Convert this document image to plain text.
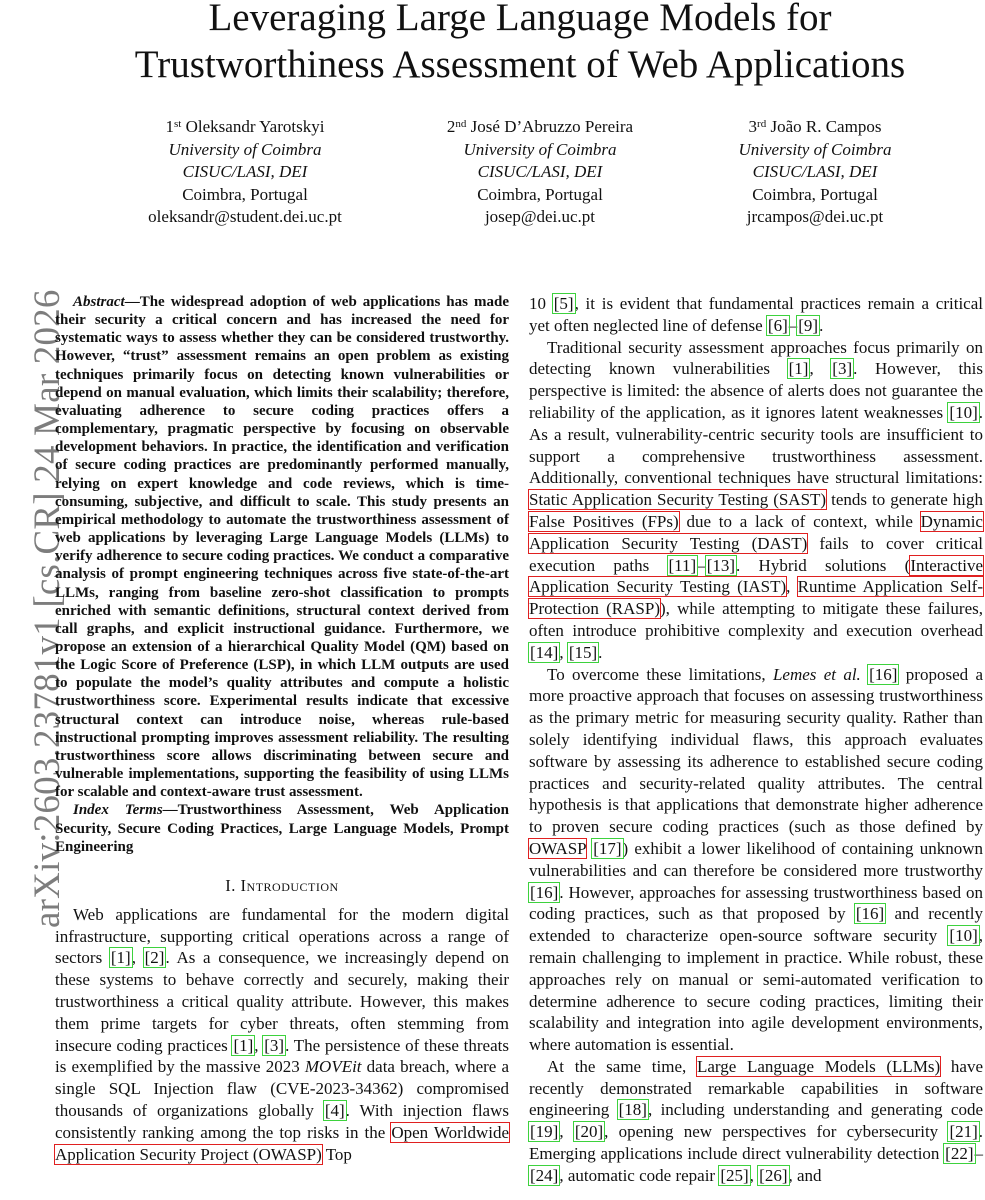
Leveraging Large Language Models for
Trustworthiness Assessment of Web Applications
1st Oleksandr Yarotskyi
University of Coimbra
CISUC/LASI, DEI
Coimbra, Portugal
oleksandr@student.dei.uc.pt
2nd José D’Abruzzo Pereira
University of Coimbra
CISUC/LASI, DEI
Coimbra, Portugal
josep@dei.uc.pt
3rd João R. Campos
University of Coimbra
CISUC/LASI, DEI
Coimbra, Portugal
jrcampos@dei.uc.pt
arXiv:2603.23781v1 [cs.CR] 24 Mar 2026 Abstract—The widespread adoption of web applications has made their security a critical concern and has increased the need for systematic ways to assess whether they can be considered trustworthy. However, “trust” assessment remains an open problem as existing techniques primarily focus on detecting known vulnerabilities or depend on manual evaluation, which limits their scalability; therefore, evaluating adherence to secure coding practices offers a complementary, pragmatic perspective by focusing on observable development behaviors. In practice, the identification and verification of secure coding practices are predominantly performed manually, relying on expert knowledge and code reviews, which is time-consuming, subjective, and difficult to scale. This study presents an empirical methodology to automate the trustworthiness assessment of web applications by leveraging Large Language Models (LLMs) to verify adherence to secure coding practices. We conduct a comparative analysis of prompt engineering techniques across five state-of-the-art LLMs, ranging from baseline zero-shot classification to prompts enriched with semantic definitions, structural context derived from call graphs, and explicit instructional guidance. Furthermore, we propose an extension of a hierarchical Quality Model (QM) based on the Logic Score of Preference (LSP), in which LLM outputs are used to populate the model’s quality attributes and compute a holistic trustworthiness score. Experimental results indicate that excessive structural context can introduce noise, whereas rule-based instructional prompting improves assessment reliability. The resulting trustworthiness score allows discriminating between secure and vulnerable implementations, supporting the feasibility of using LLMs for scalable and context-aware trust assessment.

Index Terms—Trustworthiness Assessment, Web Application Security, Secure Coding Practices, Large Language Models, Prompt Engineering

I. Introduction

Web applications are fundamental for the modern digital infrastructure, supporting critical operations across a range of sectors [1], [2]. As a consequence, we increasingly depend on these systems to behave correctly and securely, making their trustworthiness a critical quality attribute. However, this makes them prime targets for cyber threats, often stemming from insecure coding practices [1], [3]. The persistence of these threats is exemplified by the massive 2023 MOVEit data breach, where a single SQL Injection flaw (CVE-2023-34362) compromised thousands of organizations globally [4]. With injection flaws consistently ranking among the top risks in the Open Worldwide Application Security Project (OWASP) Top

10 [5], it is evident that fundamental practices remain a critical yet often neglected line of defense [6]–[9].

Traditional security assessment approaches focus primarily on detecting known vulnerabilities [1], [3]. However, this perspective is limited: the absence of alerts does not guarantee the reliability of the application, as it ignores latent weaknesses [10]. As a result, vulnerability-centric security tools are insufficient to support a comprehensive trustworthiness assessment. Additionally, conventional techniques have structural limitations: Static Application Security Testing (SAST) tends to generate high False Positives (FPs) due to a lack of context, while Dynamic Application Security Testing (DAST) fails to cover critical execution paths [11]–[13]. Hybrid solutions (Interactive Application Security Testing (IAST), Runtime Application Self-Protection (RASP)), while attempting to mitigate these failures, often introduce prohibitive complexity and execution overhead [14], [15].

To overcome these limitations, Lemes et al. [16] proposed a more proactive approach that focuses on assessing trustworthiness as the primary metric for measuring security quality. Rather than solely identifying individual flaws, this approach evaluates software by assessing its adherence to established secure coding practices and security-related quality attributes. The central hypothesis is that applications that demonstrate higher adherence to proven secure coding practices (such as those defined by OWASP [17]) exhibit a lower likelihood of containing unknown vulnerabilities and can therefore be considered more trustworthy [16]. However, approaches for assessing trustworthiness based on coding practices, such as that proposed by [16] and recently extended to characterize open-source software security [10], remain challenging to implement in practice. While robust, these approaches rely on manual or semi-automated verification to determine adherence to secure coding practices, limiting their scalability and integration into agile development environments, where automation is essential.

At the same time, Large Language Models (LLMs) have recently demonstrated remarkable capabilities in software engineering [18], including understanding and generating code [19], [20], opening new perspectives for cybersecurity [21]. Emerging applications include direct vulnerability detection [22]–[24], automatic code repair [25], [26], and
